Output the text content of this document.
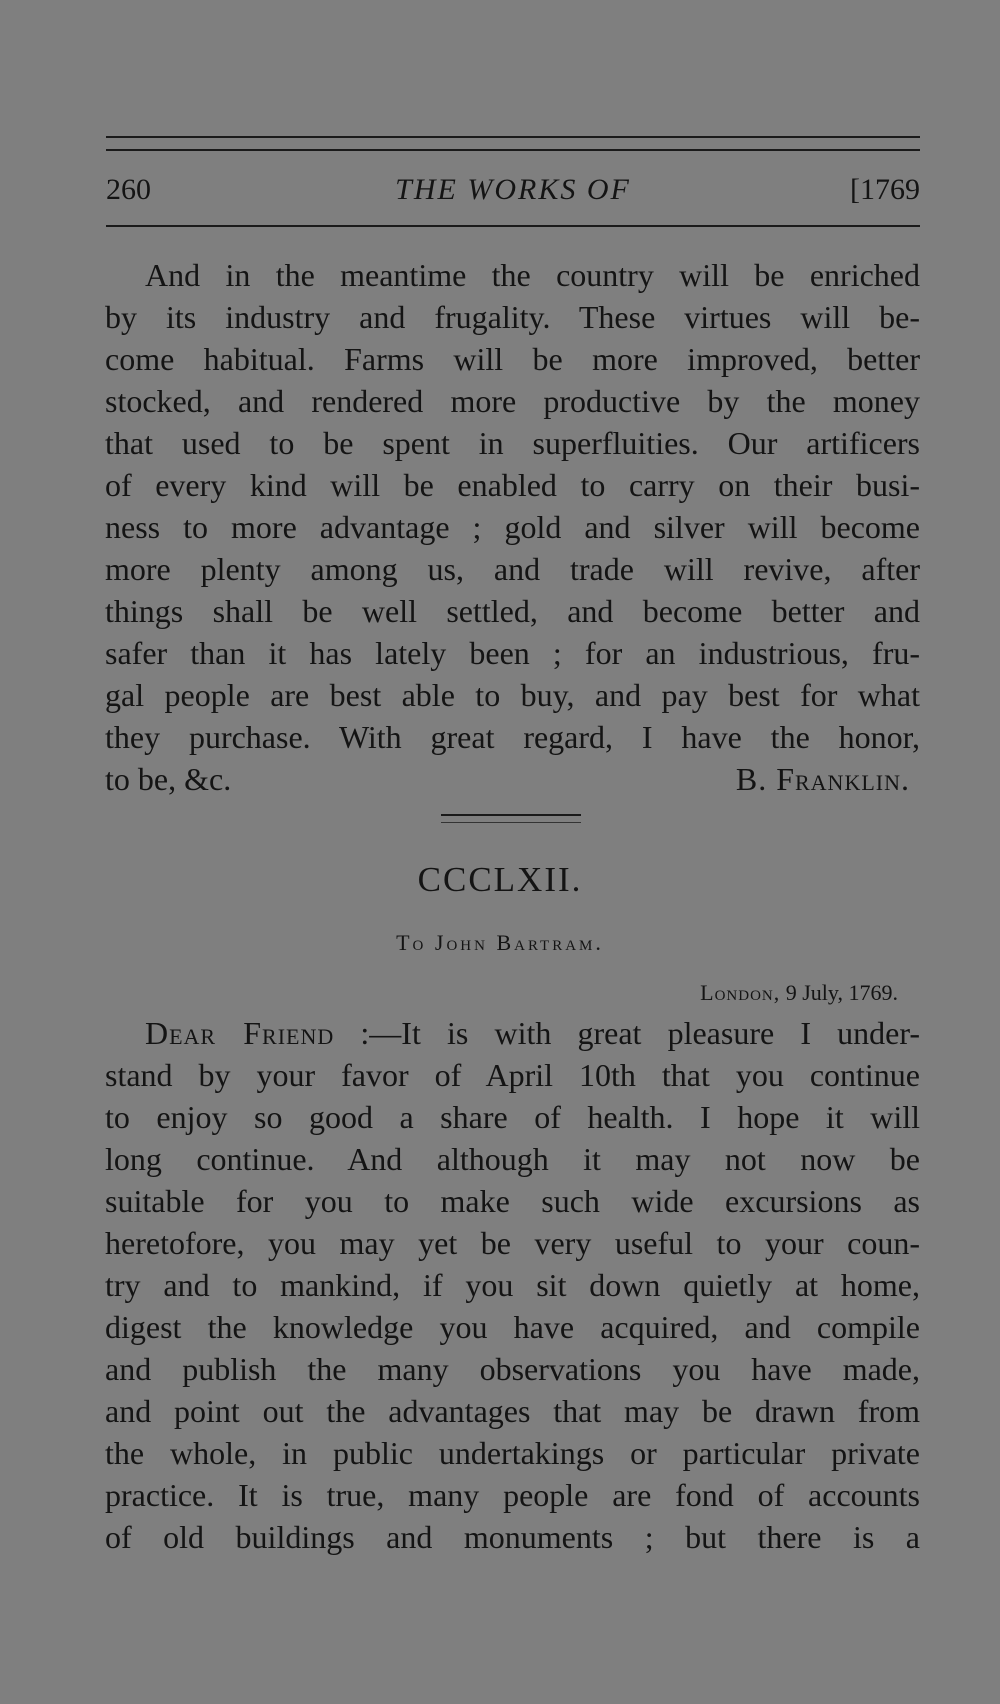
260	THE WORKS OF	[1769
And in the meantime the country will be enriched
by its industry and frugality. These virtues will be-
come habitual. Farms will be more improved, better
stocked, and rendered more productive by the money
that used to be spent in superfluities. Our artificers
of every kind will be enabled to carry on their busi-
ness to more advantage ; gold and silver will become
more plenty among us, and trade will revive, after
things shall be well settled, and become better and
safer than it has lately been ; for an industrious, fru-
gal people are best able to buy, and pay best for what
they purchase. With great regard, I have the honor,
to be, &c.	B. Franklin.
CCCLXII.
To John Bartram.
London, 9 July, 1769.
Dear Friend :—It is with great pleasure I under-
stand by your favor of April 10th that you continue
to enjoy so good a share of health. I hope it will
long continue. And although it may not now be
suitable for you to make such wide excursions as
heretofore, you may yet be very useful to your coun-
try and to mankind, if you sit down quietly at home,
digest the knowledge you have acquired, and compile
and publish the many observations you have made,
and point out the advantages that may be drawn from
the whole, in public undertakings or particular private
practice. It is true, many people are fond of accounts
of old buildings and monuments ; but there is a
